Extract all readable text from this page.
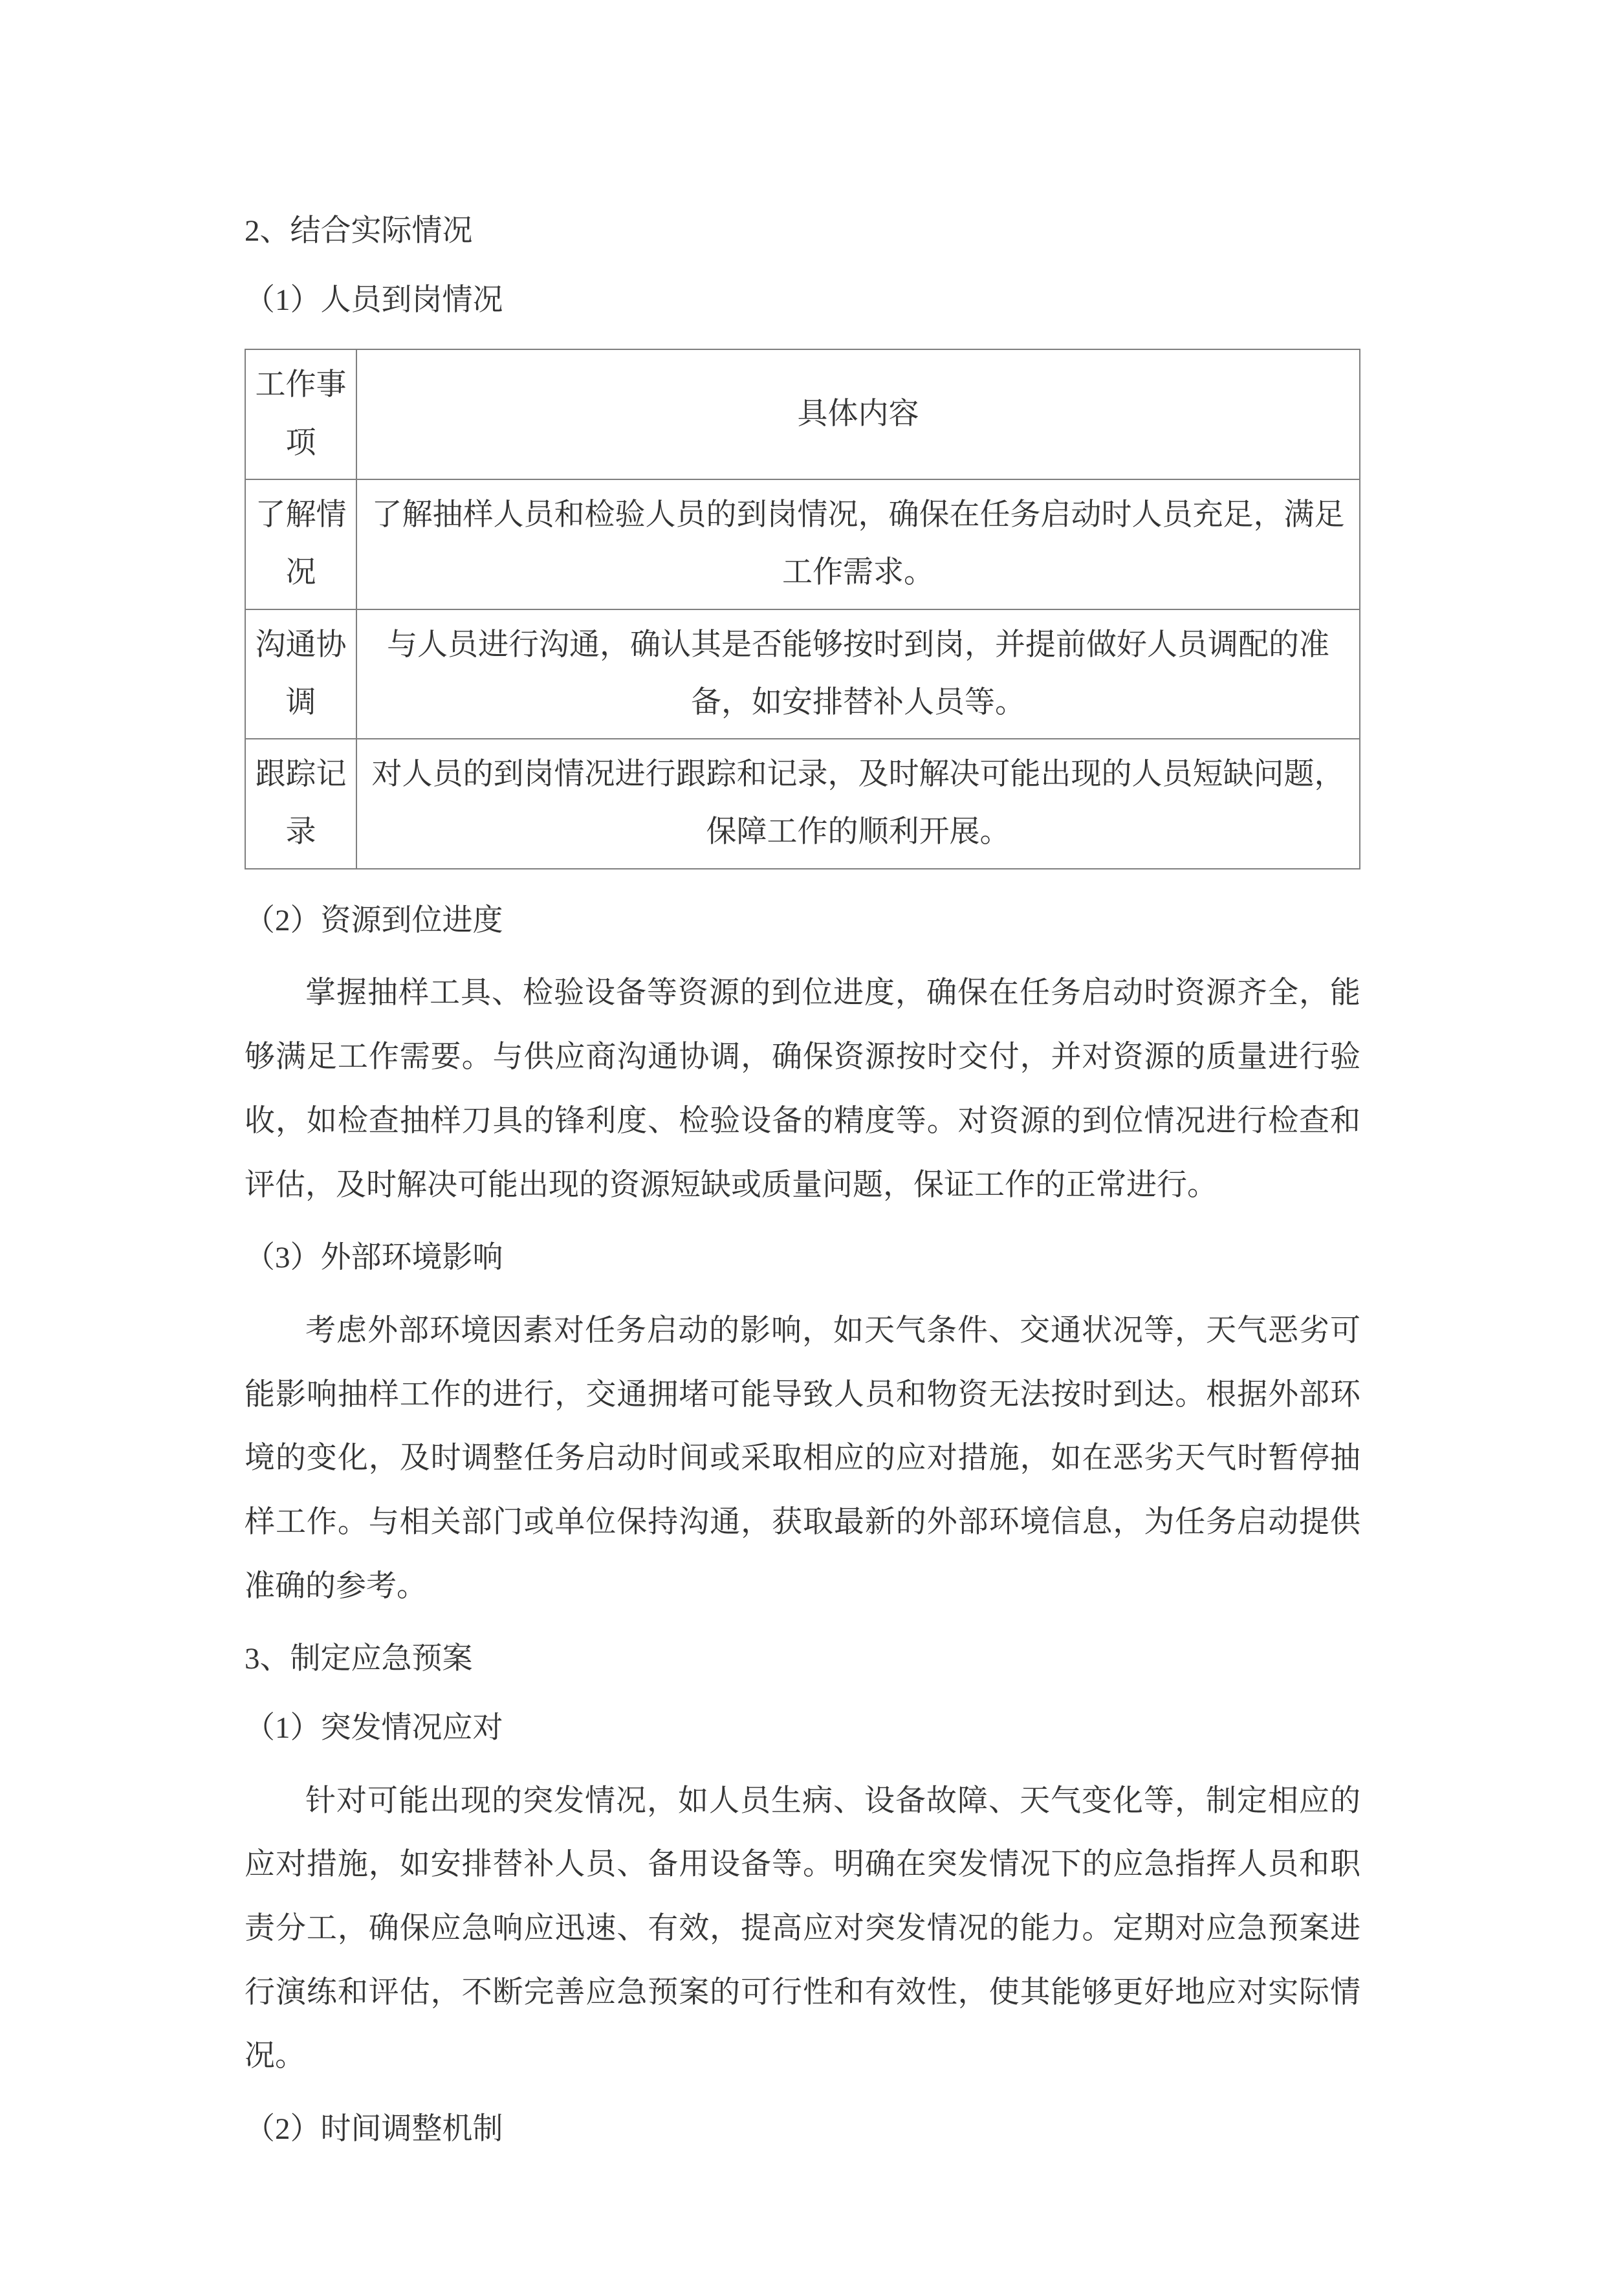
2、结合实际情况
（1）人员到岗情况
工作事项	具体内容
了解情况	了解抽样人员和检验人员的到岗情况，确保在任务启动时人员充足，满足工作需求。
沟通协调	与人员进行沟通，确认其是否能够按时到岗，并提前做好人员调配的准备，如安排替补人员等。
跟踪记录	对人员的到岗情况进行跟踪和记录，及时解决可能出现的人员短缺问题，保障工作的顺利开展。
（2）资源到位进度
掌握抽样工具、检验设备等资源的到位进度，确保在任务启动时资源齐全，能够满足工作需要。与供应商沟通协调，确保资源按时交付，并对资源的质量进行验收，如检查抽样刀具的锋利度、检验设备的精度等。对资源的到位情况进行检查和评估，及时解决可能出现的资源短缺或质量问题，保证工作的正常进行。
（3）外部环境影响
考虑外部环境因素对任务启动的影响，如天气条件、交通状况等，天气恶劣可能影响抽样工作的进行，交通拥堵可能导致人员和物资无法按时到达。根据外部环境的变化，及时调整任务启动时间或采取相应的应对措施，如在恶劣天气时暂停抽样工作。与相关部门或单位保持沟通，获取最新的外部环境信息，为任务启动提供准确的参考。
3、制定应急预案
（1）突发情况应对
针对可能出现的突发情况，如人员生病、设备故障、天气变化等，制定相应的应对措施，如安排替补人员、备用设备等。明确在突发情况下的应急指挥人员和职责分工，确保应急响应迅速、有效，提高应对突发情况的能力。定期对应急预案进行演练和评估，不断完善应急预案的可行性和有效性，使其能够更好地应对实际情况。
（2）时间调整机制
